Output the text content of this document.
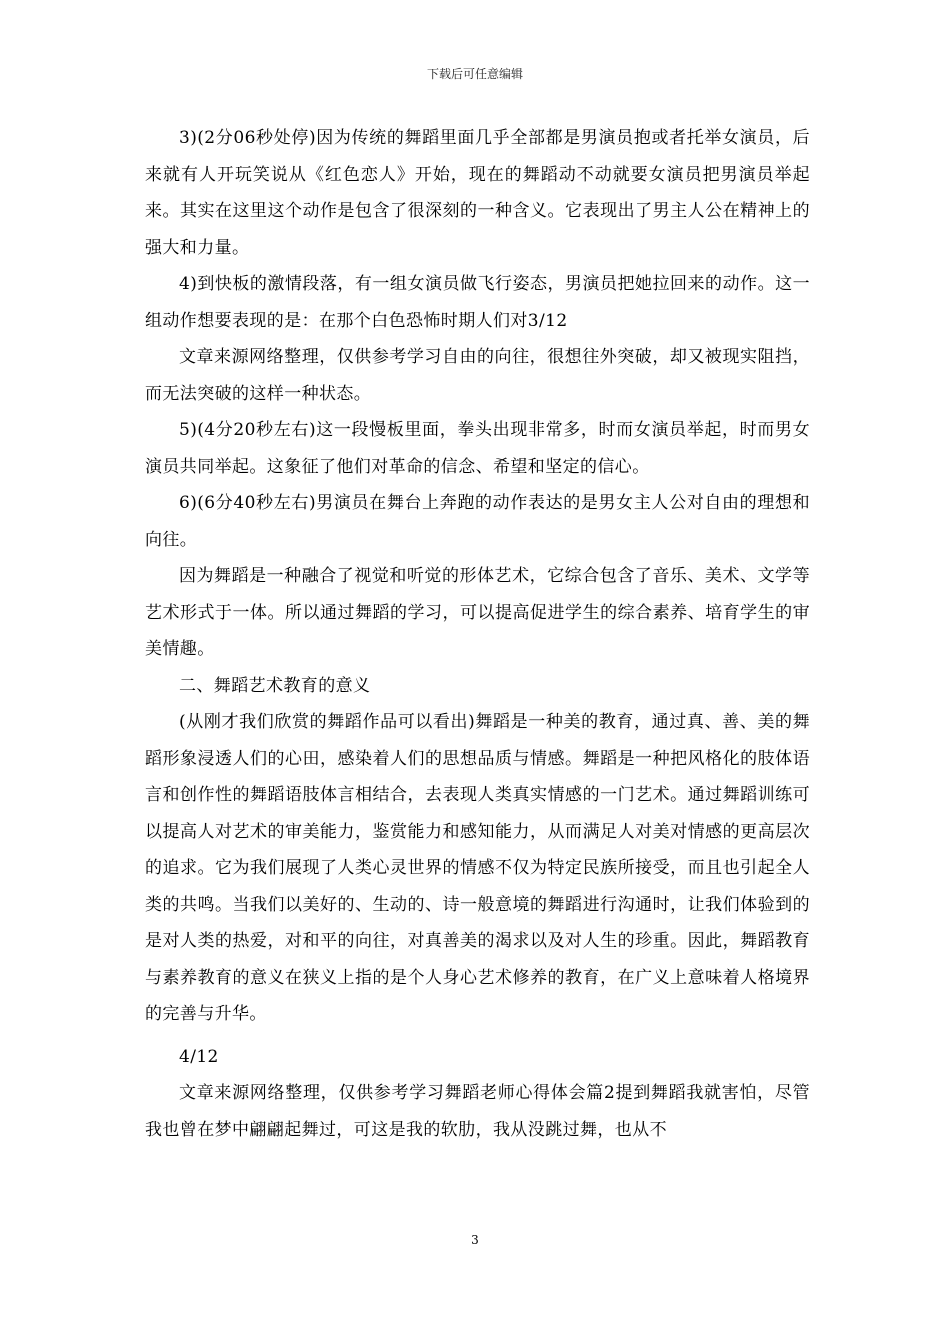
下载后可任意编辑

3)(2分06秒处停)因为传统的舞蹈里面几乎全部都是男演员抱或者托举女演员，后来就有人开玩笑说从《红色恋人》开始，现在的舞蹈动不动就要女演员把男演员举起来。其实在这里这个动作是包含了很深刻的一种含义。它表现出了男主人公在精神上的强大和力量。

4)到快板的激情段落，有一组女演员做飞行姿态，男演员把她拉回来的动作。这一组动作想要表现的是：在那个白色恐怖时期人们对3/12

文章来源网络整理，仅供参考学习自由的向往，很想往外突破，却又被现实阻挡，而无法突破的这样一种状态。

5)(4分20秒左右)这一段慢板里面，拳头出现非常多，时而女演员举起，时而男女演员共同举起。这象征了他们对革命的信念、希望和坚定的信心。

6)(6分40秒左右)男演员在舞台上奔跑的动作表达的是男女主人公对自由的理想和向往。

因为舞蹈是一种融合了视觉和听觉的形体艺术，它综合包含了音乐、美术、文学等艺术形式于一体。所以通过舞蹈的学习，可以提高促进学生的综合素养、培育学生的审美情趣。

二、舞蹈艺术教育的意义

(从刚才我们欣赏的舞蹈作品可以看出)舞蹈是一种美的教育，通过真、善、美的舞蹈形象浸透人们的心田，感染着人们的思想品质与情感。舞蹈是一种把风格化的肢体语言和创作性的舞蹈语肢体言相结合，去表现人类真实情感的一门艺术。通过舞蹈训练可以提高人对艺术的审美能力，鉴赏能力和感知能力，从而满足人对美对情感的更高层次的追求。它为我们展现了人类心灵世界的情感不仅为特定民族所接受，而且也引起全人类的共鸣。当我们以美好的、生动的、诗一般意境的舞蹈进行沟通时，让我们体验到的是对人类的热爱，对和平的向往，对真善美的渴求以及对人生的珍重。因此，舞蹈教育与素养教育的意义在狭义上指的是个人身心艺术修养的教育，在广义上意味着人格境界的完善与升华。

4/12

文章来源网络整理，仅供参考学习舞蹈老师心得体会篇2提到舞蹈我就害怕，尽管我也曾在梦中翩翩起舞过，可这是我的软肋，我从没跳过舞，也从不

3
